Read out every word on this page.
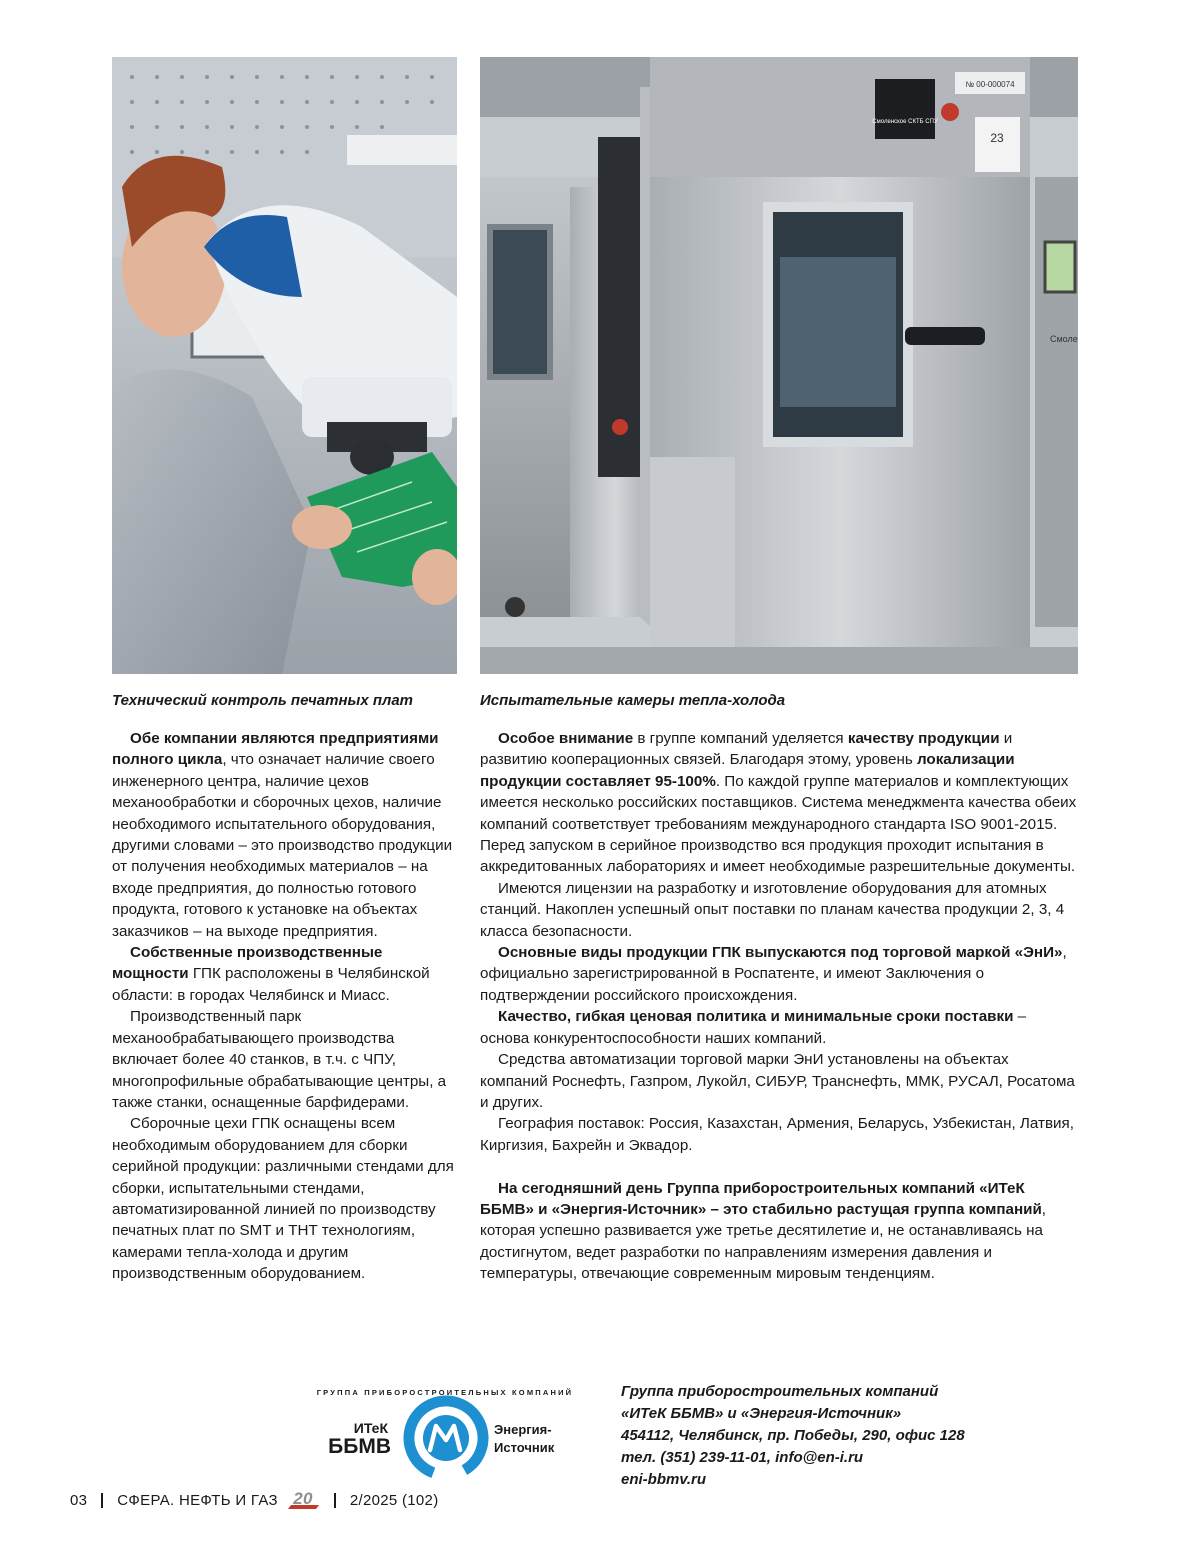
Смоленское СКТБ СПУ
№ 00-000074
23
Смоле
Технический контроль печатных плат	Испытательные камеры тепла-холода

Обе компании являются предприятиями полного цикла, что означает наличие своего инженерного центра, наличие цехов механообработки и сборочных цехов, наличие необходимого испытательного оборудования, другими словами – это производство продукции от получения необходимых материалов – на входе предприятия, до полностью готового продукта, готового к установке на объектах заказчиков – на выходе предприятия.

Собственные производственные мощности ГПК расположены в Челябинской области: в городах Челябинск и Миасс.

Производственный парк механообрабатывающего производства включает более 40 станков, в т.ч. с ЧПУ, многопрофильные обрабатывающие центры, а также станки, оснащенные барфидерами.

Сборочные цехи ГПК оснащены всем необходимым оборудованием для сборки серийной продукции: различными стендами для сборки, испытательными стендами, автоматизированной линией по производству печатных плат по SMT и THT технологиям, камерами тепла-холода и другим производственным оборудованием.

Особое внимание в группе компаний уделяется качеству продукции и развитию кооперационных связей. Благодаря этому, уровень локализации продукции составляет 95-100%. По каждой группе материалов и комплектующих имеется несколько российских поставщиков. Система менеджмента качества обеих компаний соответствует требованиям международного стандарта ISO 9001-2015. Перед запуском в серийное производство вся продукция проходит испытания в аккредитованных лабораториях и имеет необходимые разрешительные документы.

Имеются лицензии на разработку и изготовление оборудования для атомных станций. Накоплен успешный опыт поставки по планам качества продукции 2, 3, 4 класса безопасности.

Основные виды продукции ГПК выпускаются под торговой маркой «ЭнИ», официально зарегистрированной в Роспатенте, и имеют Заключения о подтверждении российского происхождения.

Качество, гибкая ценовая политика и минимальные сроки поставки – основа конкурентоспособности наших компаний.

Средства автоматизации торговой марки ЭнИ установлены на объектах компаний Роснефть, Газпром, Лукойл, СИБУР, Транснефть, ММК, РУСАЛ, Росатома и других.

География поставок: Россия, Казахстан, Армения, Беларусь, Узбекистан, Латвия, Киргизия, Бахрейн и Эквадор.

На сегодняшний день Группа приборостроительных компаний «ИТеК ББМВ» и «Энергия-Источник» – это стабильно растущая группа компаний, которая успешно развивается уже третье десятилетие и, не останавливаясь на достигнутом, ведет разработки по направлениям измерения давления и температуры, отвечающие современным мировым тенденциям.

ГРУППА ПРИБОРОСТРОИТЕЛЬНЫХ КОМПАНИЙ
ИТеК
ББМВ
Энергия-
Источник
Группа приборостроительных компаний
«ИТеК ББМВ» и «Энергия-Источник»
454112, Челябинск, пр. Победы, 290, офис 128
тел. (351) 239-11-01, info@en-i.ru
eni-bbmv.ru
03 СФЕРА. НЕФТЬ И ГАЗ 20 2/2025 (102)
